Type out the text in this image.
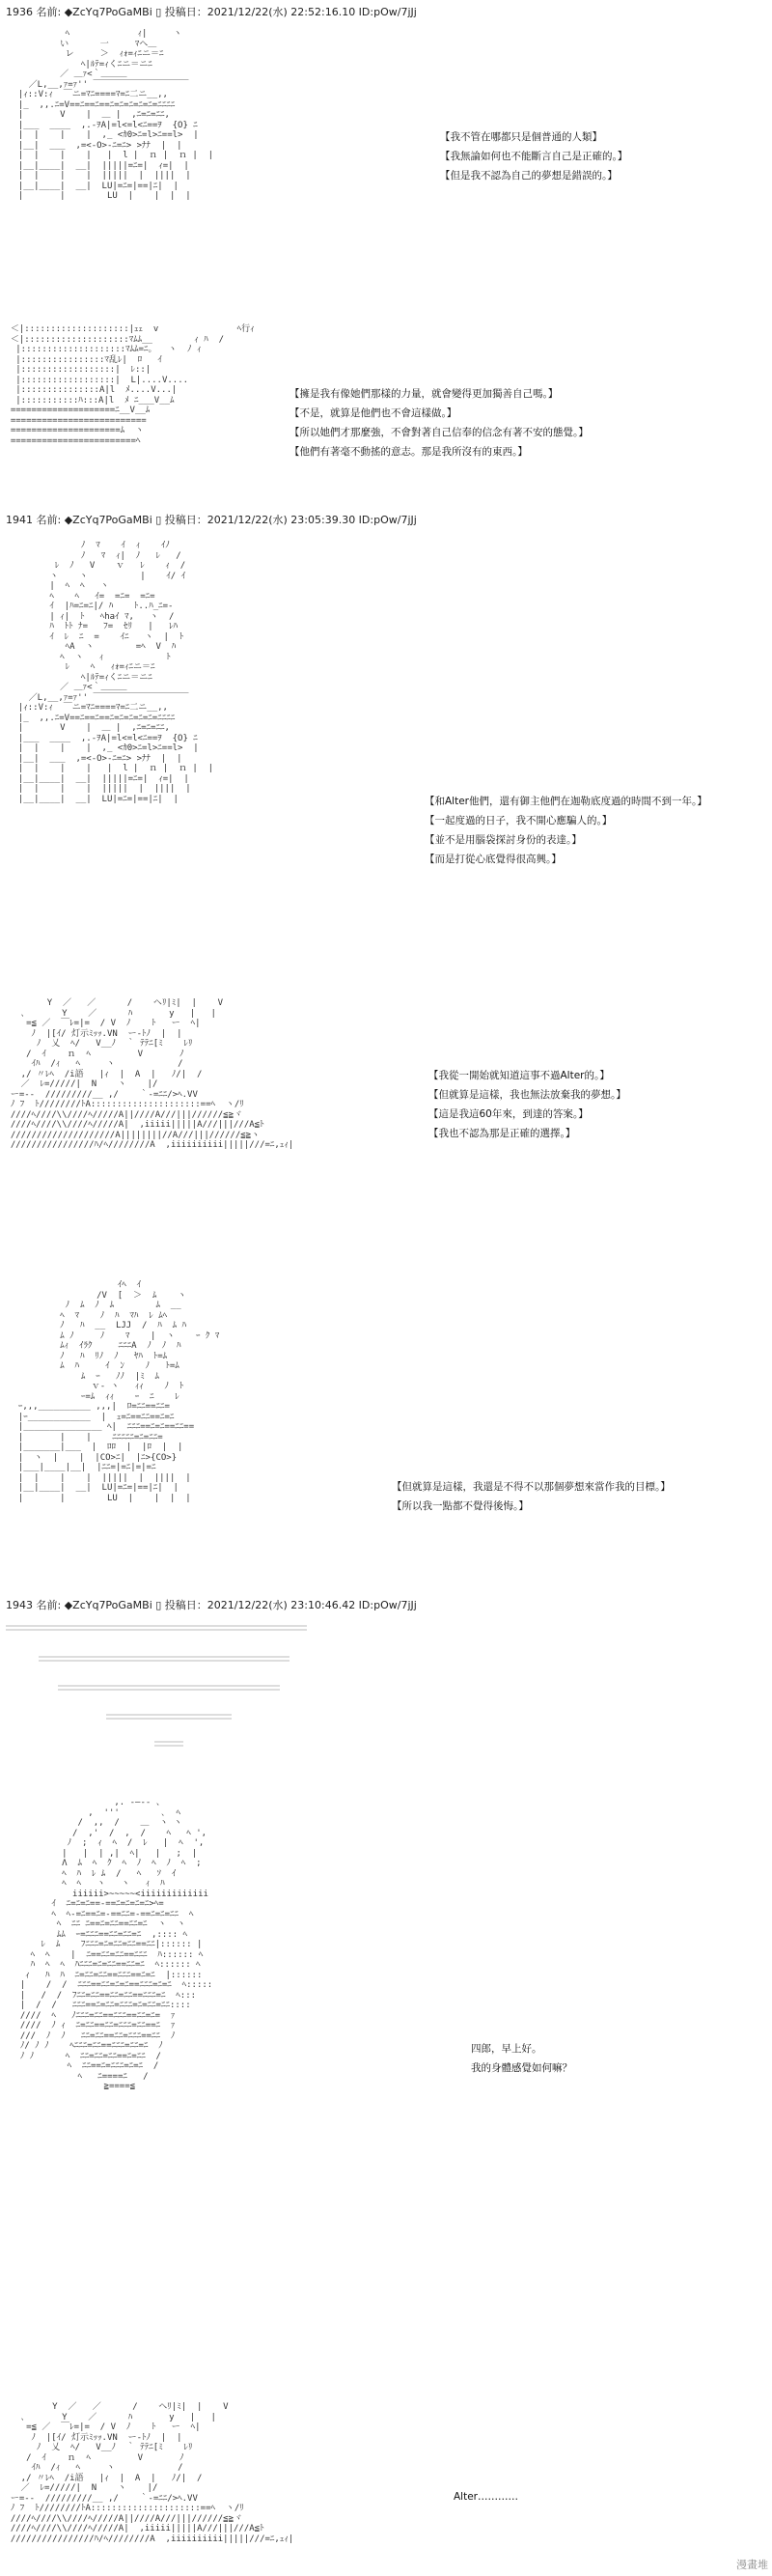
1936 名前: ◆ZcYq7PoGaMBi ▯ 投稿日：2021/12/22(水) 22:52:16.10 ID:pOw/7jJj
ﾍ             ｨ|     ヽ
い      一     ﾏヘ＿
レ     ＞  ｨｫ=ｨﾆニ＝ﾆ
ﾍ|ﾙﾃ=ｨくﾆニ＝ニﾆ
／ ＿ｧ<｀＿＿＿
／L,__,ｧ=ｧ'' ￣￣￣￣￣￣￣￣￣￣￣
|ｨ::V:ｨ  ￣ニ=ﾏﾆ====ﾏ=ﾆ二ニ__,,
|_  ,,.ﾆ=V==ﾆ==ﾆ==ﾆ=ﾆ=ﾆ=ﾆ=ﾆ=ﾆﾆﾆﾆ
|       V    |  ＿ |  ,ﾆ=ﾆ=ﾆﾆ,
|___  ____  ,.-ｦA|=l<=l<ﾆ==ｦ  {O} ﾆ
|  |    |    |  ,_ <ｶ0>ﾆ=l>ﾆ==l>  |
|__|  ___  ,=<-O>-ﾆ=ﾆ> >ﾅﾅ  |  |
|  |    |    |   |  l |  ｎ |  ｎ |  |
|__|____|  __|  |||||=ﾆ=|  ｨ=|  |
|  |    |    |  |||||  |  ||||  |
|__|____|  __|  LU|=ﾆ=|==|ﾆ|  |
|       |        LU  |    |  |  |
【我不管在哪都只是個普通的人類】
【我無論如何也不能斷言自己是正確的。】
【但是我不認為自己的夢想是錯誤的。】
＜|::::::::::::::::::::|ｪｪ  v               ﾍ行ｨ
＜|::::::::::::::::::::ﾏﾑﾑ__        ｨ ﾊ  /
|::::::::::::::::::::ﾏﾑﾑ=ﾆ｡   ヽ  ﾉ ｨ
|::::::::::::::::ﾏ乱ﾚ|  ﾛ   ｲ
|::::::::::::::::::|  ﾚ::|
|::::::::::::::::::|  L|....V....
|:::::::::::::::A|l  ﾒ....V...|
|:::::::::::ﾊ:::A|l  ﾒ ﾆ___V__ﾑ
====================ﾆ__V__ﾑ
==========================
=====================ﾑ  ヽ
========================ﾍ
【擁是我有像她們那樣的力量，就會變得更加獨善自己嗎。】
【不是，就算是他們也不會這樣做。】
【所以她們才那麼強，不會對著自己信奉的信念有著不安的態覺。】
【他們有著毫不動搖的意志。那是我所沒有的東西。】
1941 名前: ◆ZcYq7PoGaMBi ▯ 投稿日：2021/12/22(水) 23:05:39.30 ID:pOw/7jJj
ﾉ  ﾏ    ｲ  ｨ    ｲﾉ
ﾉ   ﾏ  ｨ|  ﾉ   ﾚ   /
ﾚ  ﾉ   V    ｖ   ﾚ    ｨ  /
ヽ    ヽ          |    ｲ/ ｲ
|  ﾍ  ﾍ   ヽ
ﾍ    ﾍ   ｲ=  =ﾆ=  =ﾆ=
ｲ  |ﾊ=ﾆ=ﾆ|/ ﾊ    ﾄ..ﾊ_ﾆ=-
| ｨ|  ﾄ   ﾍhaｲ ﾏ,   ヽ  /
ﾊ  ﾄﾄ ﾅ=   ﾌ=  ｾﾘ   |   ﾚﾊ
ｲ  ﾚ  ﾆ  =    ｲﾆ   ヽ  |  ﾄ
ﾍA  ヽ        =ﾍ  V  ﾊ
ﾍ  ヽ   ｨ            ﾄ
ﾚ    ﾍ   ｨｫ=ｨﾆニ＝ﾆ
ﾍ|ﾙﾃ=ｨくﾆニ＝ニﾆ
／ ＿ｧ<｀＿＿＿
／L,__,ｧ=ｧ'' ￣￣￣￣￣￣￣￣￣￣￣
|ｨ::V:ｨ  ￣ニ=ﾏﾆ====ﾏ=ﾆ二ニ__,,
|_  ,,.ﾆ=V==ﾆ==ﾆ==ﾆ=ﾆ=ﾆ=ﾆ=ﾆ=ﾆﾆﾆﾆ
|       V    |  ＿ |  ,ﾆ=ﾆ=ﾆﾆ,
|___  ____  ,.-ｦA|=l<=l<ﾆ==ｦ  {O} ﾆ
|  |    |    |  ,_ <ｶ0>ﾆ=l>ﾆ==l>  |
|__|  ___  ,=<-O>-ﾆ=ﾆ> >ﾅﾅ  |  |
|  |    |    |   |  l |  ｎ |  ｎ |  |
|__|____|  __|  |||||=ﾆ=|  ｨ=|  |
|  |    |    |  |||||  |  ||||  |
|__|____|  __|  LU|=ﾆ=|==|ﾆ|  |	【和Alter他們，還有御主他們在迦勒底度過的時間不到一年。】
【一起度過的日子，我不開心應騙人的。】
【並不是用腦袋探討身份的表達。】
【而是打從心底覺得很高興。】
Y  ／   ／      /    ヘﾘ|ﾐ|  |    V
､       Y    ／      ﾊ       y   |   |
=≦ ／  ￣ﾚ=|=  / V  ﾉ    ﾄ   ー  ﾍ|
ﾉ  |[ｲ/ 灯示ﾐｯｯ.VN  ー-ﾄﾉ  |  |
ﾉ  乂  ﾍ/   V__ﾉ  ｀ ﾃﾃﾆ[ﾐ    ﾚﾘ
/  ｲ    ｎ  ﾍ         V       ﾉ
ｲﾊ  /ｨ   ﾍ     ヽ            /
,/ 〃ﾚﾍ  /i語   |ｨ  |  A  |   ﾉ/|  /
／  ﾚ=/////|  N    ヽ    |/
ー=--  /////////__ ,/    ｀-=ﾆﾆ/>ﾍ.VV
ﾉ ﾌ  ﾄ////////ﾄA:::::::::::::::::::::==ﾍ  ヽ/ﾘ
////ﾍ////\\////ﾍ/////A||////A///|||//////≦≧ヾ
////ﾍ////\\////ﾍ/////A|  ,iiiii|||||A///|||///A≦ﾄ
////////////////////A||||||||//A///|||//////≦≧ヽ
////////////////ﾊ/ﾍ////////A  ,iiiiiiiiii|||||///=ﾆ,ｪｨ|
【我從一開始就知道這事不過Alter的。】
【但就算是這樣，我也無法放棄我的夢想。】
【這是我這60年來，到達的答案。】
【我也不認為那是正確的選擇。】
ｲﾍ  ｲ
/V  [  ＞  ﾑ    ヽ
ﾉ  ﾑ  ﾉ  ﾑ        ﾑ  __
ﾍ  ﾏ    ﾉ  ﾊ  ﾏﾊ  ﾚ ﾑﾍ
ﾉ   ﾊ  __  LJJ  /  ﾊ  ﾑ ﾊ
ﾑ ﾉ     ﾉ    ﾏ    |  ヽ    ｰ ｸ ﾏ
ﾑｨ  ｲﾗｸ     ﾆﾆﾆA  ﾉ  ﾉ  ﾊ
ﾉ   ﾊ  ﾘﾉ  ﾉ   ﾔﾊ  ﾄ=ﾑ
ﾑ  ﾊ     ｲ  ﾝ    ﾉ   ﾄ=ﾑ
ﾑ  ｰ   ﾉﾉ  |ﾐ  ﾑ
ｖ- ヽ   ｨｨ    ﾉ  ﾄ
ｰ=ﾑ  ｨｨ    ｰ  ﾆ    ﾚ
ｰ,,,__________ ,,,|  ﾛ=ﾆﾆ==ﾆﾆ=
|ｰ____________  |  ｪ=ﾆ==ﾆﾆ==ﾆ=ﾆ
|_______________ ﾍ|  ﾆﾆﾆ==ﾆ=ﾆ==ﾆﾆ==
|       |    |    ﾆﾆﾆﾆﾆ=ﾆ=ﾆﾆ=
|_______|___  |  ﾛﾛ  |  |ﾛ  |  |
|  ヽ  |    |  |CO>ﾆ|  |ﾆ>{CO>}
|___|____|__|  |ﾆﾆ=|=ﾆ|=|=ﾆ
|  |    |    |  |||||  |  ||||  |
|__|____|  __|  LU|=ﾆ=|==|ﾆ|  |
|       |        LU  |    |  |  |
【但就算是這樣，我還是不得不以那個夢想來當作我的目標。】
【所以我一點都不覺得後悔。】
1943 名前: ◆ZcYq7PoGaMBi ▯ 投稿日：2021/12/22(水) 23:10:46.42 ID:pOw/7jJj
,. -―‐- 、
,  '''        ､  ﾍ
/  ,,  /    ＿  ヽ ヽ
/  ,'  /  ,  /    ﾍ   ﾍ ',
ﾉ  ;  ｨ  ﾍ  /  ﾚ   |  ﾍ  ',
|   |  | ,|  ﾍ|   |   ;  |
Λ  ﾑ  ﾍ  ｸ  ﾍ  ﾉ  ﾍ  ﾉ  ﾍ  ;
ﾍ  ﾊ  ﾚ ﾑ  /   ﾍ   ｿ  ｲ
ﾍ  ﾍ   ヽ   ヽ   ｨ  ﾊ
iiiiii>~~~~~<iiiiiiiiiiiii
ｲ  ﾆ=ﾆ=ﾆ==-==ﾆ=ﾆ=ﾆ=ﾆ>ﾍ=
ﾍ  ﾍ-=ﾆ==ﾆ=-==ﾆﾆ=-==ﾆ=ﾆ=ﾆﾆ  ﾍ
ﾍ  ﾆﾆ ﾆ==ﾆ=ﾆﾆ==ﾆﾆ=ﾆ  ヽ  ヽ
ﾑﾑ  ｰ=ﾆﾆﾆ==ﾆﾆ=ﾆﾆ=ﾆ  ,:::: ﾍ
ﾚ  ﾑ    ﾌﾆﾆﾆ=ﾆ=ﾆﾆ=ﾆﾆ==ﾆﾆ|:::::: |
ﾍ  ﾍ    |  ﾆ==ﾆﾆ=ﾆﾆ==ﾆﾆﾆ  ﾊ:::::: ﾍ
ﾊ  ﾍ  ﾍ  ﾊﾆﾆﾆ=ﾆ=ﾆﾆ==ﾆﾆ=ﾆ  ﾍ:::::: ﾍ
ｨ   ﾊ  ﾊ  ﾆ=ﾆﾆ=ﾆﾆ==ﾆﾆﾆ==ﾆ=ﾆ  |::::::
|    /  /  ﾆﾆﾆ==ﾆﾆ=ﾆ=ﾆ==ﾆﾆﾆ=ﾆ=ﾆ  ﾍ:::::
|   /  /  ﾌﾆﾆ=ﾆﾆ==ﾆﾆ=ﾆﾆ==ﾆﾆﾆ=ﾆ  ﾍ:::
|  /  /   ﾆﾆﾆ==ﾆ=ﾆﾆ=ﾆﾆﾆ=ﾆ=ﾆﾆ=ﾆﾆ::::
////  ﾍ   ﾉﾆﾆﾆ=ﾆﾆ==ﾆﾆﾆ==ﾆﾆ=ﾆ=  ｧ
////  ﾉ ｨ  ﾆ=ﾆﾆ==ﾆﾆ=ﾆﾆﾆ=ﾆﾆ==ﾆ  ｧ
///  ﾉ  ﾉ   ﾆﾆ=ﾆﾆ==ﾆﾆ=ﾆﾆﾆ==ﾆﾆ  ﾉ
ﾉ/ ﾉ ﾉ    ﾍﾆﾆﾆ=ﾆﾆ==ﾆﾆﾆ=ﾆﾆ=ﾆ  ﾉ
ﾉ ﾉ      ﾍ  ﾆﾆ=ﾆﾆ=ﾆﾆ==ﾆ=ﾆﾆ  /
ﾍ  ﾆﾆ==ﾆ=ﾆﾆﾆ=ﾆ=ﾆ  /
ﾍ   ﾆ====ﾆ   /
≧====≦
四郎，早上好。
我的身體感覺如何嘛？
Y  ／   ／      /    ヘﾘ|ﾐ|  |    V
､       Y    ／      ﾊ       y   |   |
=≦ ／  ￣ﾚ=|=  / V  ﾉ    ﾄ   ー  ﾍ|
ﾉ  |[ｲ/ 灯示ﾐｯｯ.VN  ー-ﾄﾉ  |  |
ﾉ  乂  ﾍ/   V__ﾉ  ｀ ﾃﾃﾆ[ﾐ    ﾚﾘ
/  ｲ    ｎ  ﾍ         V       ﾉ
ｲﾊ  /ｨ   ﾍ     ヽ            /
,/ 〃ﾚﾍ  /i語   |ｨ  |  A  |   ﾉ/|  /
／  ﾚ=/////|  N    ヽ    |/
ー=--  /////////__ ,/    ｀-=ﾆﾆ/>ﾍ.VV
ﾉ ﾌ  ﾄ////////ﾄA:::::::::::::::::::::==ﾍ  ヽ/ﾘ
////ﾍ////\\////ﾍ/////A||////A///|||//////≦≧ヾ
////ﾍ////\\////ﾍ/////A|  ,iiiii|||||A///|||///A≦ﾄ
////////////////ﾊ/ﾍ////////A  ,iiiiiiiiii|||||///=ﾆ,ｪｨ|
Alter…………
漫畫堆
